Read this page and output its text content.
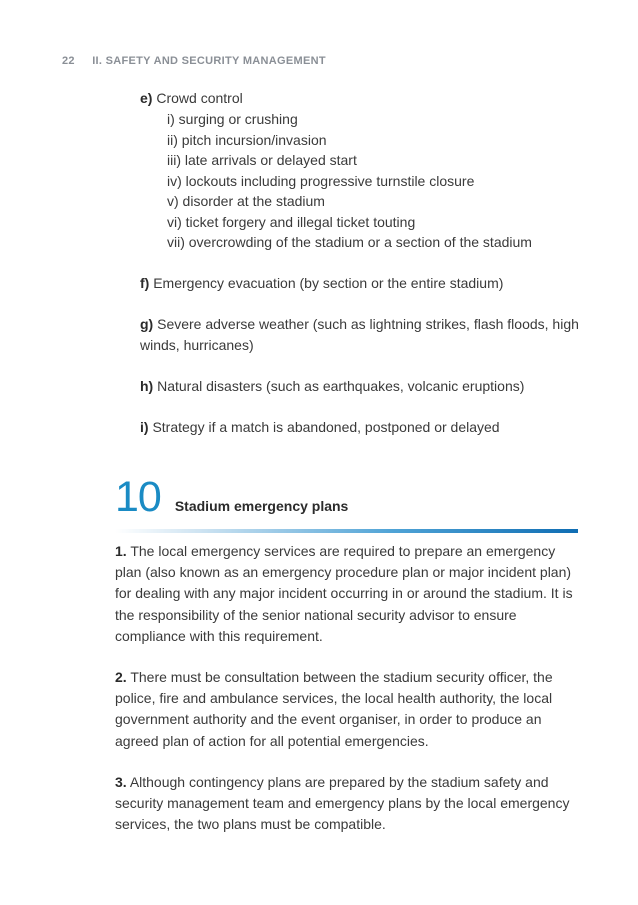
22 II. SAFETY AND SECURITY MANAGEMENT
e) Crowd control
i) surging or crushing
ii) pitch incursion/invasion
iii) late arrivals or delayed start
iv) lockouts including progressive turnstile closure
v) disorder at the stadium
vi) ticket forgery and illegal ticket touting
vii) overcrowding of the stadium or a section of the stadium
f) Emergency evacuation (by section or the entire stadium)
g) Severe adverse weather (such as lightning strikes, flash floods, high winds, hurricanes)
h) Natural disasters (such as earthquakes, volcanic eruptions)
i) Strategy if a match is abandoned, postponed or delayed
10 Stadium emergency plans
1. The local emergency services are required to prepare an emergency plan (also known as an emergency procedure plan or major incident plan) for dealing with any major incident occurring in or around the stadium. It is the responsibility of the senior national security advisor to ensure compliance with this requirement.
2. There must be consultation between the stadium security officer, the police, fire and ambulance services, the local health authority, the local government authority and the event organiser, in order to produce an agreed plan of action for all potential emergencies.
3. Although contingency plans are prepared by the stadium safety and security management team and emergency plans by the local emergency services, the two plans must be compatible.
